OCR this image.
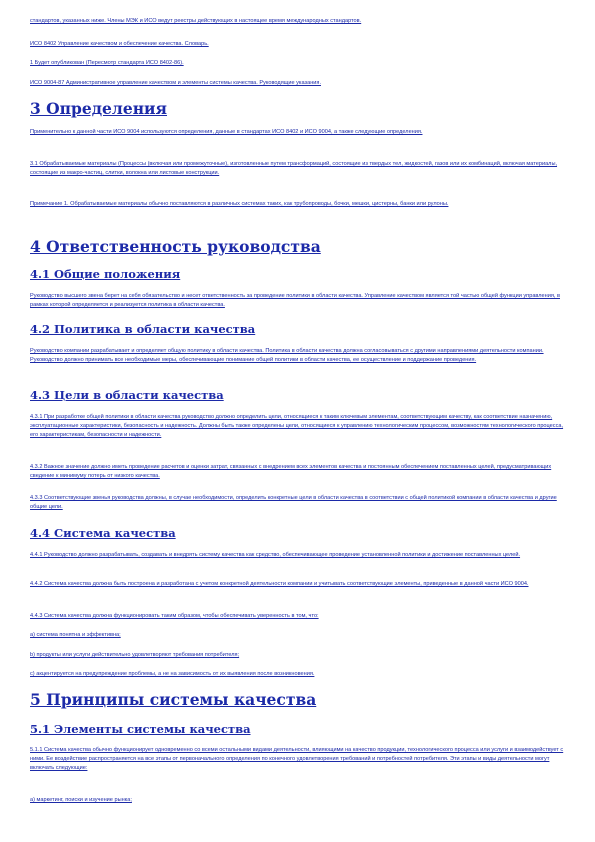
стандартов, указанных ниже. Члены МЭК и ИСО ведут реестры действующих в настоящее время международных стандартов.

ИСО 8402 Управление качеством и обеспечение качества. Словарь.

1 Будет опубликован (Пересмотр стандарта ИСО 8402-86).

ИСО 9004-87 Административное управление качеством и элементы системы качества. Руководящие указания.

3 Определения

Применительно к данной части ИСО 9004 используются определения, данные в стандартах ИСО 8402 и ИСО 9004, а также следующие определения.

3.1 Обрабатываемые материалы (Процессы (включая или промежуточные), изготовленные путем трансформаций, состоящие из твердых тел, жидкостей, газов или их комбинаций, включая материалы, состоящие из макро-частиц, слитки, волокна или листовые конструкции.

Примечание 1. Обрабатываемые материалы обычно поставляются в различных системах таких, как трубопроводы, бочки, мешки, цистерны, банки или рулоны.

4 Ответственность руководства
4.1 Общие положения

Руководство высшего звена берет на себя обязательство и несет ответственность за проведение политики в области качества. Управление качеством является той частью общей функции управления, в рамках которой определяется и реализуется политика в области качества.

4.2 Политика в области качества

Руководство компании разрабатывает и определяет общую политику в области качества. Политика в области качества должна согласовываться с другими направлениями деятельности компании. Руководство должно принимать все необходимые меры, обеспечивающие понимание общей политики в области качества, ее осуществление и поддержание проведения.

4.3 Цели в области качества

4.3.1 При разработке общей политики в области качества руководство должно определить цели, относящиеся к таким ключевым элементам, соответствующим качеству, как соответствие назначению, эксплуатационные характеристики, безопасность и надежность. Должны быть также определены цели, относящиеся к управлению технологическим процессом, возможностям технологического процесса, его характеристикам, безопасности и надежности.

4.3.2 Важное значение должно иметь проведение расчетов и оценки затрат, связанных с внедрением всех элементов качества и постоянным обеспечением поставленных целей, предусматривающих сведение к минимуму потерь от низкого качества.

4.3.3 Соответствующие звенья руководства должны, в случае необходимости, определить конкретные цели в области качества в соответствии с общей политикой компании в области качества и другие общие цели.

4.4 Система качества

4.4.1 Руководство должно разрабатывать, создавать и внедрять систему качества как средство, обеспечивающее проведение установленной политики и достижение поставленных целей.

4.4.2 Система качества должна быть построена и разработана с учетом конкретной деятельности компании и учитывать соответствующие элементы, приведенные в данной части ИСО 9004.

4.4.3 Система качества должна функционировать таким образом, чтобы обеспечивать уверенность в том, что:

а) система понятна и эффективна;

b) продукты или услуги действительно удовлетворяют требования потребителя;

c) акцентируется на предупреждение проблемы, а не на зависимость от их выявления после возникновения.

5 Принципы системы качества
5.1 Элементы системы качества

5.1.1 Система качества обычно функционирует одновременно со всеми остальными видами деятельности, влияющими на качество продукции, технологического процесса или услуги и взаимодействует с ними. Ее воздействие распространяется на все этапы от первоначального определения по конечного удовлетворения требований и потребностей потребителя. Эти этапы и виды деятельности могут включать следующие:

а) маркетинг, поиски и изучение рынка;
